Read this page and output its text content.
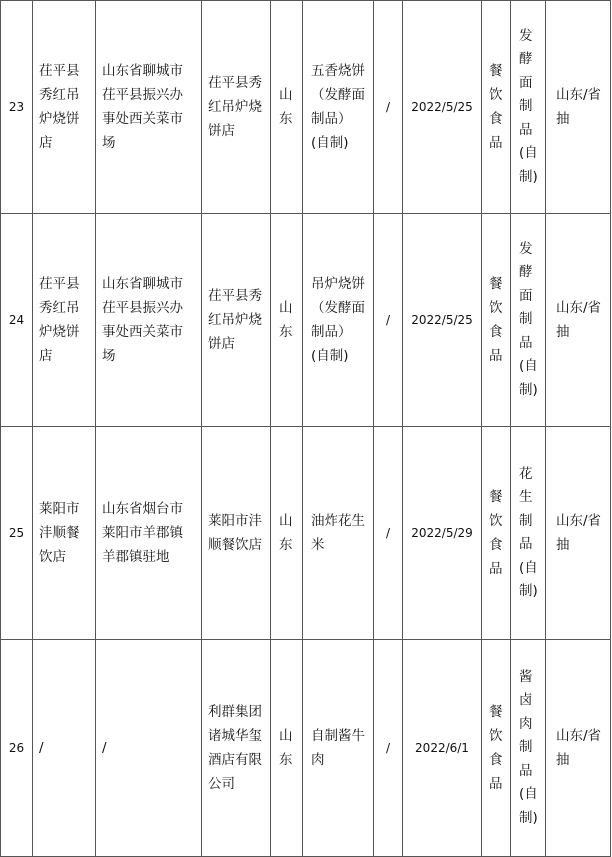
23
茌平县秀红吊炉烧饼店
山东省聊城市茌平县振兴办事处西关菜市场
茌平县秀红吊炉烧饼店
山东
五香烧饼（发酵面制品）(自制)
/ 2022/5/25
餐饮食品
发酵面制品(自制)
山东/省抽
24
茌平县秀红吊炉烧饼店
山东省聊城市茌平县振兴办事处西关菜市场
茌平县秀红吊炉烧饼店
山东
吊炉烧饼（发酵面制品）(自制)
/ 2022/5/25
餐饮食品
发酵面制品(自制)
山东/省抽
25
莱阳市沣顺餐饮店
山东省烟台市莱阳市羊郡镇羊郡镇驻地
莱阳市沣顺餐饮店
山东
油炸花生米
/ 2022/5/29
餐饮食品
花生制品(自制)
山东/省抽
26 /	/
利群集团诸城华玺酒店有限公司
山东
自制酱牛肉
/ 2022/6/1
餐饮食品
酱卤肉制品(自制)
山东/省抽
